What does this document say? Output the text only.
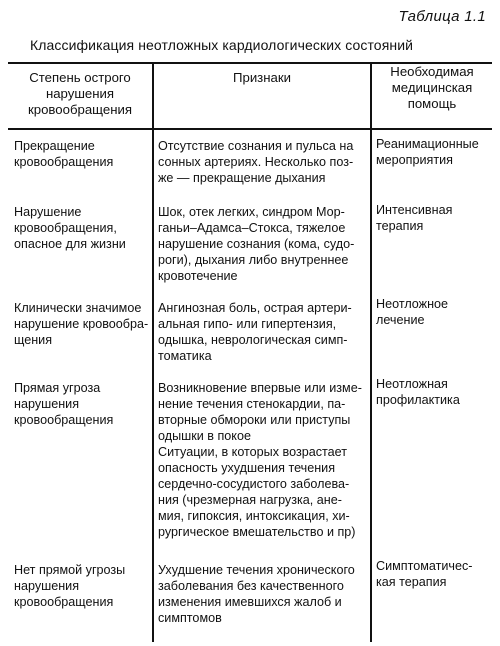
Таблица 1.1
Классификация неотложных кардиологических состояний
Степень острого
нарушения
кровообращения
Признаки	Необходимая
медицинская
помощь
Прекращение
кровообращения
Отсутствие сознания и пульса на
сонных артериях. Несколько поз-
же — прекращение дыхания
Реанимационные
мероприятия
Нарушение
кровообращения,
опасное для жизни
Шок, отек легких, синдром Мор-
ганьи–Адамса–Стокса, тяжелое
нарушение сознания (кома, судо-
роги), дыхания либо внутреннее
кровотечение
Интенсивная
терапия
Клинически значимое
нарушение кровообра-
щения
Ангинозная боль, острая артери-
альная гипо- или гипертензия,
одышка, неврологическая симп-
томатика
Неотложное
лечение
Прямая угроза
нарушения
кровообращения
Возникновение впервые или изме-
нение течения стенокардии, па-
вторные обмороки или приступы
одышки в покое
Ситуации, в которых возрастает
опасность ухудшения течения
сердечно-сосудистого заболева-
ния (чрезмерная нагрузка, ане-
мия, гипоксия, интоксикация, хи-
рургическое вмешательство и пр)
Неотложная
профилактика
Нет прямой угрозы
нарушения
кровообращения
Ухудшение течения хронического
заболевания без качественного
изменения имевшихся жалоб и
симптомов
Симптоматичес-
кая терапия
